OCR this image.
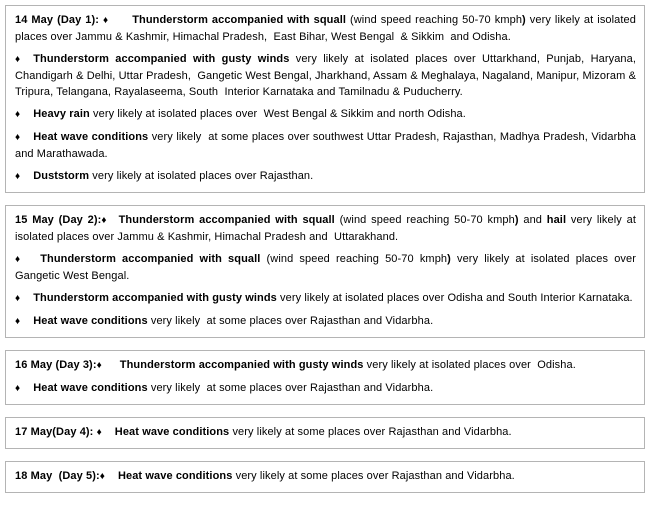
14 May (Day 1): ♦ Thunderstorm accompanied with squall (wind speed reaching 50-70 kmph) very likely at isolated places over Jammu & Kashmir, Himachal Pradesh,  East Bihar, West Bengal  & Sikkim  and Odisha.

♦ Thunderstorm accompanied with gusty winds very likely at isolated places over Uttarkhand, Punjab, Haryana, Chandigarh & Delhi, Uttar Pradesh,  Gangetic West Bengal, Jharkhand, Assam & Meghalaya, Nagaland, Manipur, Mizoram & Tripura, Telangana, Rayalaseema, South  Interior Karnataka and Tamilnadu & Puducherry.

♦ Heavy rain very likely at isolated places over  West Bengal & Sikkim and north Odisha.

♦ Heat wave conditions very likely  at some places over southwest Uttar Pradesh, Rajasthan, Madhya Pradesh, Vidarbha and Marathawada.

♦ Duststorm very likely at isolated places over Rajasthan.

15 May (Day 2):♦ Thunderstorm accompanied with squall (wind speed reaching 50-70 kmph) and hail very likely at isolated places over Jammu & Kashmir, Himachal Pradesh and  Uttarakhand.

♦ Thunderstorm accompanied with squall (wind speed reaching 50-70 kmph) very likely at isolated places over Gangetic West Bengal.

♦ Thunderstorm accompanied with gusty winds very likely at isolated places over Odisha and South Interior Karnataka.

♦ Heat wave conditions very likely  at some places over Rajasthan and Vidarbha.

16 May (Day 3):♦ Thunderstorm accompanied with gusty winds very likely at isolated places over  Odisha.

♦ Heat wave conditions very likely  at some places over Rajasthan and Vidarbha.

17 May(Day 4): ♦ Heat wave conditions very likely at some places over Rajasthan and Vidarbha.

18 May  (Day 5):♦ Heat wave conditions very likely at some places over Rajasthan and Vidarbha.
